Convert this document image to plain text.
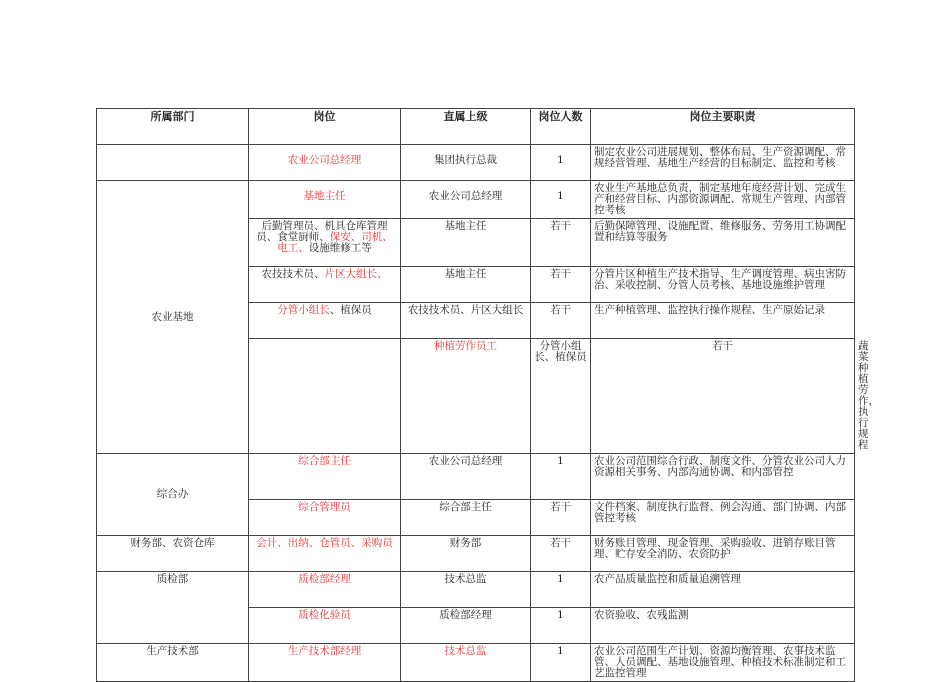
所属部门	岗位	直属上级	岗位人数	岗位主要职责	
	农业公司总经理	集团执行总裁	1	制定农业公司进展规划、整体布局、生产资源调配、常规经营管理、基地生产经营的目标制定、监控和考核	
农业基地	基地主任	农业公司总经理	1	农业生产基地总负责，制定基地年度经营计划、完成生产和经营目标、内部资源调配、常规生产管理、内部管控考核	
	后勤管理员、机具仓库管理员、食堂厨师、保安、司机、电工、设施维修工等	基地主任	若干	后勤保障管理、设施配置、维修服务、劳务用工协调配置和结算等服务	
	农技技术员、片区大组长、	基地主任	若干	分管片区种植生产技术指导、生产调度管理、病虫害防治、采收控制、分管人员考核、基地设施维护管理	
	分管小组长、植保员	农技技术员、片区大组长	若干	生产种植管理、监控执行操作规程、生产原始记录	
		种植劳作员工	分管小组长、植保员	若干	蔬菜种植劳作，执行规程
综合办	综合部主任	农业公司总经理	1	农业公司范围综合行政、制度文件、分管农业公司人力资源相关事务、内部沟通协调、和内部管控	
	综合管理员	综合部主任	若干	文件档案、制度执行监督、例会沟通、部门协调、内部管控考核	
财务部、农资仓库	会计、出纳、仓管员、采购员	财务部	若干	财务账目管理、现金管理、采购验收、进销存账目管理、贮存安全消防、农资防护	
质检部	质检部经理	技术总监	1	农产品质量监控和质量追溯管理	
	质检化验员	质检部经理	1	农资验收、农残监测	
生产技术部	生产技术部经理	技术总监	1	农业公司范围生产计划、资源均衡管理、农事技术监管、人员调配、基地设施管理、种植技术标准制定和工艺监控管理	
